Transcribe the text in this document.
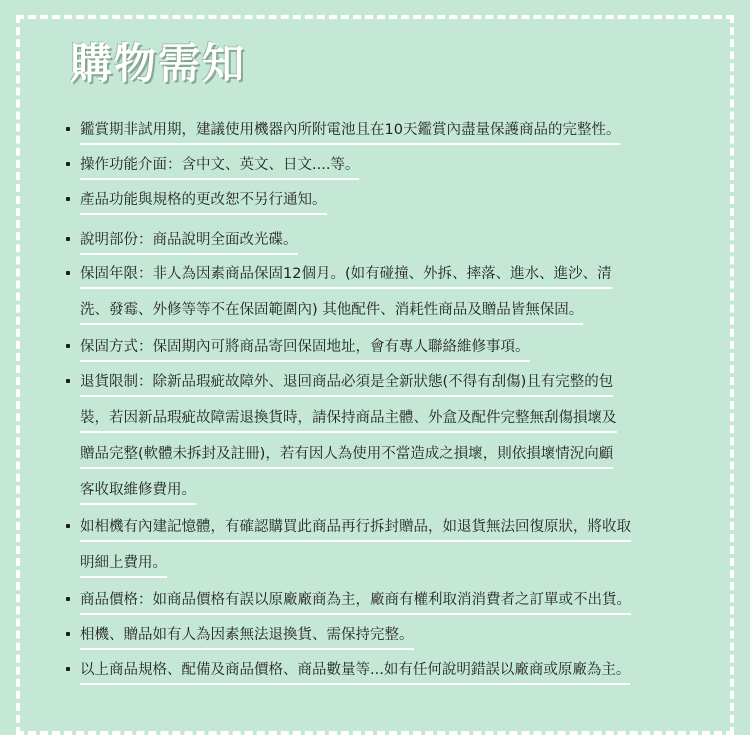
購物需知
鑑賞期非試用期，建議使用機器內所附電池且在10天鑑賞內盡量保護商品的完整性。
操作功能介面：含中文、英文、日文....等。
產品功能與規格的更改恕不另行通知。
說明部份：商品說明全面改光碟。
保固年限：非人為因素商品保固12個月。(如有碰撞、外拆、摔落、進水、進沙、清
洗、發霉、外修等等不在保固範圍內) 其他配件、消耗性商品及贈品皆無保固。
保固方式：保固期內可將商品寄回保固地址，會有專人聯絡維修事項。
退貨限制：除新品瑕疵故障外、退回商品必須是全新狀態(不得有刮傷)且有完整的包
裝，若因新品瑕疵故障需退換貨時，請保持商品主體、外盒及配件完整無刮傷損壞及
贈品完整(軟體未拆封及註冊)，若有因人為使用不當造成之損壞，則依損壞情況向顧
客收取維修費用。
如相機有內建記憶體，有確認購買此商品再行拆封贈品，如退貨無法回復原狀，將收取
明細上費用。
商品價格：如商品價格有誤以原廠廠商為主，廠商有權利取消消費者之訂單或不出貨。
相機、贈品如有人為因素無法退換貨、需保持完整。
以上商品規格、配備及商品價格、商品數量等...如有任何說明錯誤以廠商或原廠為主。
